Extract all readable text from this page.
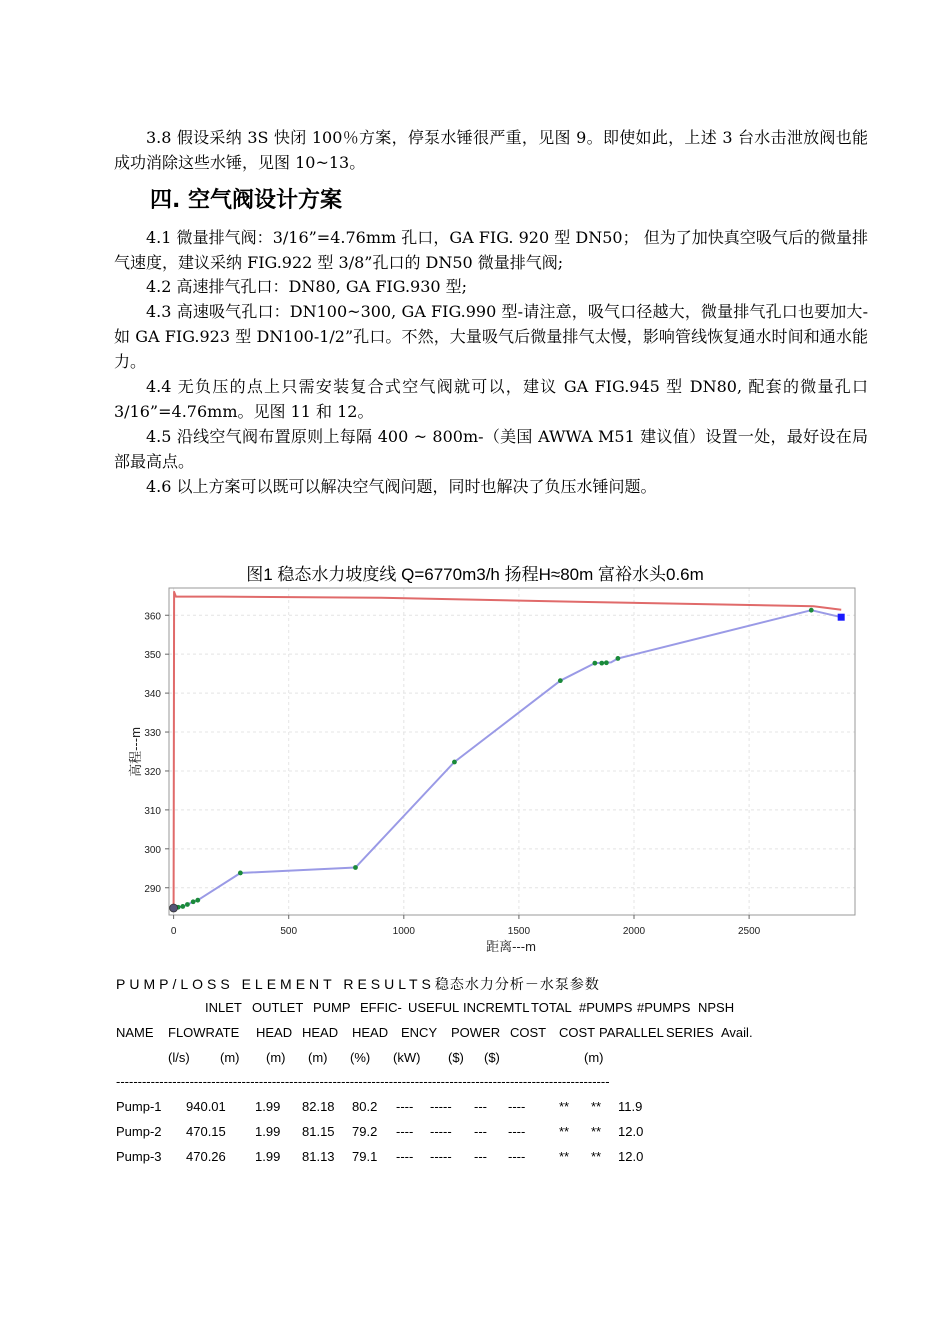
3.8 假设采纳 3S 快闭 100％方案，停泵水锤很严重，见图 9。即使如此，上述 3 台水击泄放阀也能成功消除这些水锤，见图 10~13。

四. 空气阀设计方案

4.1 微量排气阀：3/16”=4.76mm 孔口，GA FIG. 920 型 DN50； 但为了加快真空吸气后的微量排气速度，建议采纳 FIG.922 型 3/8”孔口的 DN50 微量排气阀;

4.2 高速排气孔口：DN80, GA FIG.930 型;

4.3 高速吸气孔口：DN100~300, GA FIG.990 型-请注意，吸气口径越大，微量排气孔口也要加大-如 GA FIG.923 型 DN100-1/2”孔口。不然，大量吸气后微量排气太慢，影响管线恢复通水时间和通水能力。

4.4 无负压的点上只需安装复合式空气阀就可以，建议 GA FIG.945 型 DN80, 配套的微量孔口 3/16”=4.76mm。见图 11 和 12。

4.5 沿线空气阀布置原则上每隔 400 ~ 800m-（美国 AWWA M51 建议值）设置一处，最好设在局部最高点。

4.6 以上方案可以既可以解决空气阀问题，同时也解决了负压水锤问题。

图1 稳态水力坡度线 Q=6770m3/h 扬程H≈80m 富裕水头0.6m
0	500	1000	1500	2000	2500
290
300
310
320
330
340
350
360
距离---m
高程---m
PUMP/LOSS ELEMENT RESULTS稳态水力分析－水泵参数
INLET OUTLET PUMP EFFIC- USEFUL INCREMTL TOTAL #PUMPS #PUMPS NPSH
NAME FLOWRATE HEAD HEAD HEAD ENCY POWER COST COST PARALLEL SERIES Avail.
(l/s) (m) (m) (m) (%) (kW) ($) ($)	(m)
Pump-1 940.01 1.99 82.18 80.2 ---- ----- --- ----	** ** 11.9
Pump-2 470.15 1.99 81.15 79.2 ---- ----- --- ----	** ** 12.0
Pump-3 470.26 1.99 81.13 79.1 ---- ----- --- ----	** ** 12.0
------------------------------------------------------------------------------------------------------------------
